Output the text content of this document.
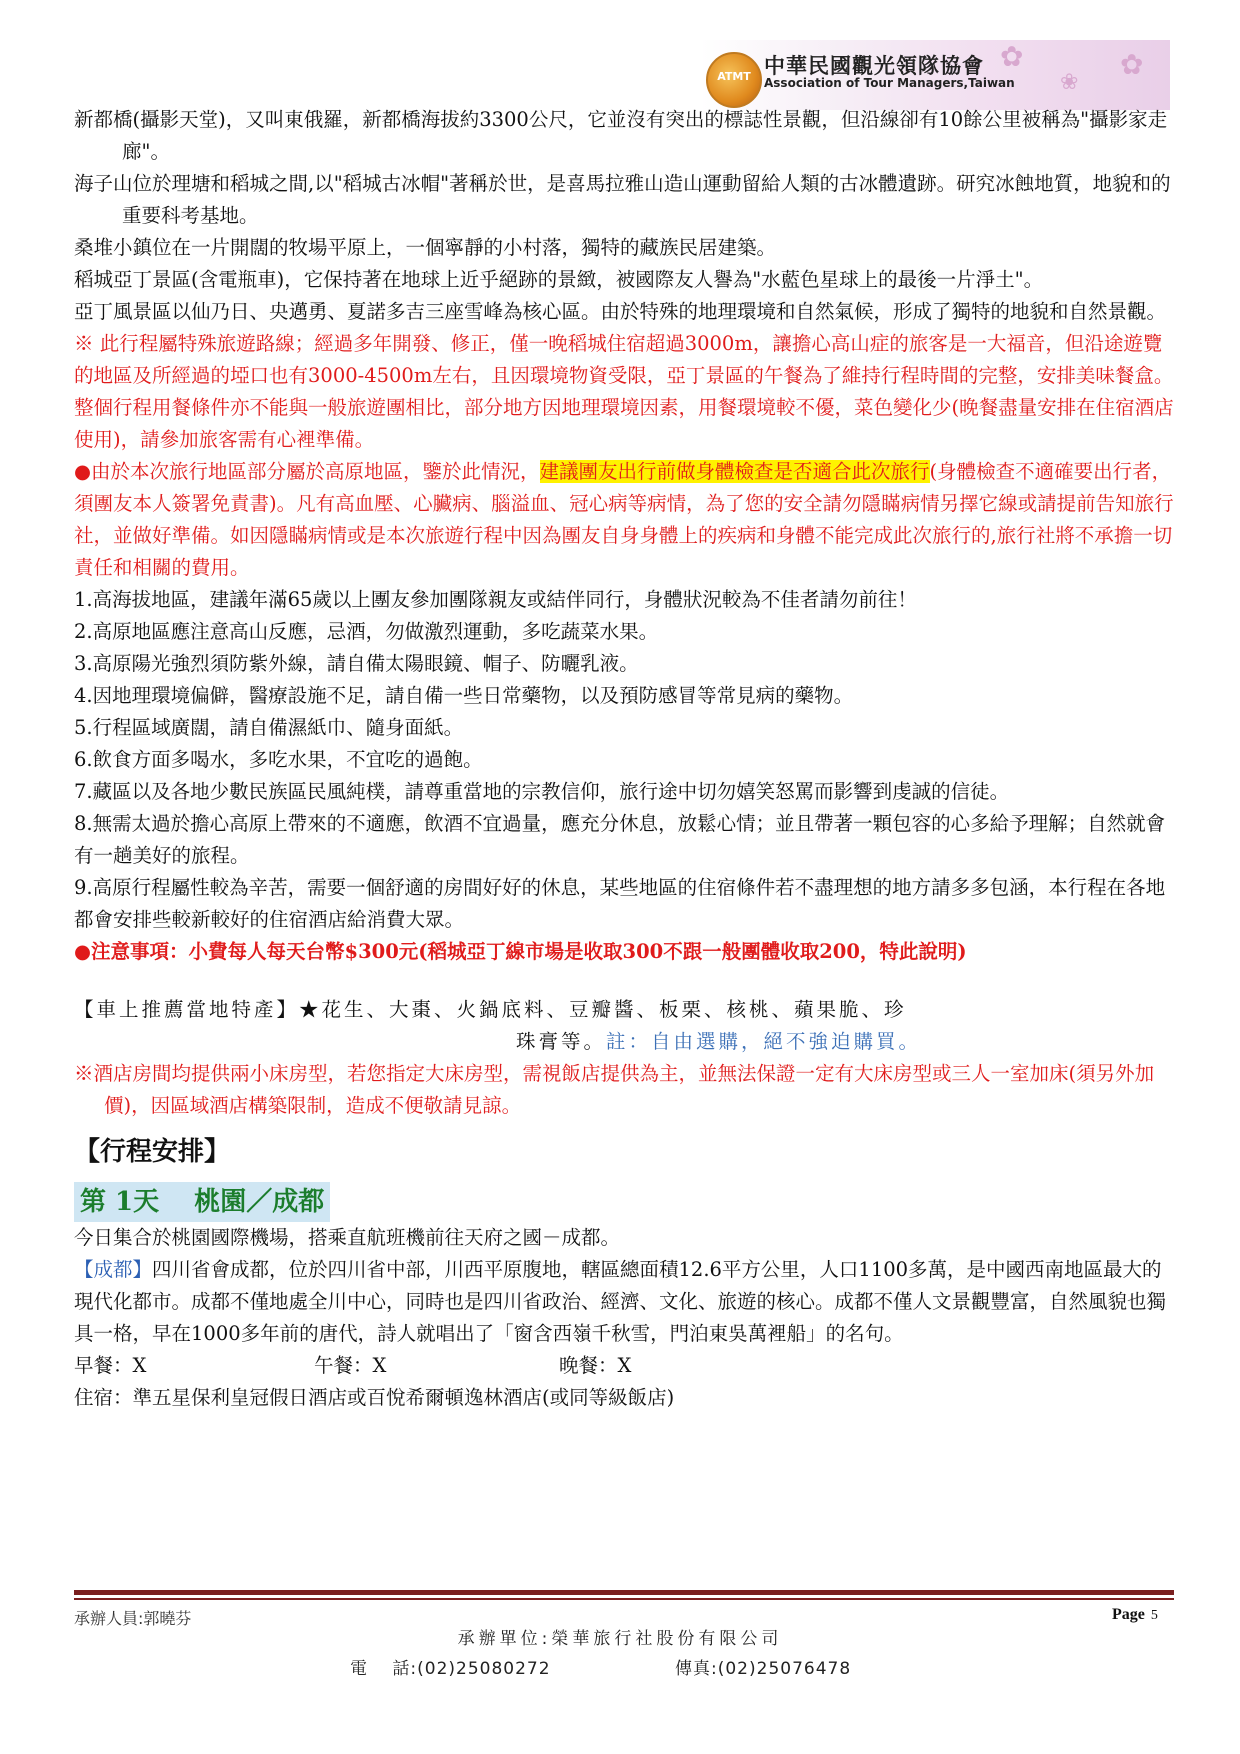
✿
❀
✿
ATMT 中華民國觀光領隊協會
Association of Tour Managers,Taiwan

新都橋(攝影天堂)，又叫東俄羅，新都橋海拔約3300公尺，它並沒有突出的標誌性景觀，但沿線卻有10餘公里被稱為"攝影家走廊"。

海子山位於理塘和稻城之間,以"稻城古冰帽"著稱於世，是喜馬拉雅山造山運動留給人類的古冰體遺跡。研究冰蝕地質，地貌和的重要科考基地。

桑堆小鎮位在一片開闊的牧場平原上，一個寧靜的小村落，獨特的藏族民居建築。

稻城亞丁景區(含電瓶車)，它保持著在地球上近乎絕跡的景緻，被國際友人譽為"水藍色星球上的最後一片淨土"。

亞丁風景區以仙乃日、央邁勇、夏諾多吉三座雪峰為核心區。由於特殊的地理環境和自然氣候，形成了獨特的地貌和自然景觀。

※ 此行程屬特殊旅遊路線；經過多年開發、修正，僅一晚稻城住宿超過3000m，讓擔心高山症的旅客是一大福音，但沿途遊覽的地區及所經過的埡口也有3000-4500m左右，且因環境物資受限，亞丁景區的午餐為了維持行程時間的完整，安排美味餐盒。整個行程用餐條件亦不能與一般旅遊團相比，部分地方因地理環境因素，用餐環境較不優，菜色變化少(晚餐盡量安排在住宿酒店使用)，請參加旅客需有心裡準備。

●由於本次旅行地區部分屬於高原地區，鑒於此情況，建議團友出行前做身體檢查是否適合此次旅行(身體檢查不適確要出行者，須團友本人簽署免責書)。凡有高血壓、心臟病、腦溢血、冠心病等病情，為了您的安全請勿隱瞞病情另擇它線或請提前告知旅行社，並做好準備。如因隱瞞病情或是本次旅遊行程中因為團友自身身體上的疾病和身體不能完成此次旅行的,旅行社將不承擔一切責任和相關的費用。

1.高海拔地區，建議年滿65歲以上團友參加團隊親友或結伴同行，身體狀況較為不佳者請勿前往！

2.高原地區應注意高山反應，忌酒，勿做激烈運動，多吃蔬菜水果。

3.高原陽光強烈須防紫外線，請自備太陽眼鏡、帽子、防曬乳液。

4.因地理環境偏僻，醫療設施不足，請自備一些日常藥物，以及預防感冒等常見病的藥物。

5.行程區域廣闊，請自備濕紙巾、隨身面紙。

6.飲食方面多喝水，多吃水果，不宜吃的過飽。

7.藏區以及各地少數民族區民風純樸，請尊重當地的宗教信仰，旅行途中切勿嬉笑怒罵而影響到虔誠的信徒。

8.無需太過於擔心高原上帶來的不適應，飲酒不宜過量，應充分休息，放鬆心情；並且帶著一顆包容的心多給予理解；自然就會有一趟美好的旅程。

9.高原行程屬性較為辛苦，需要一個舒適的房間好好的休息，某些地區的住宿條件若不盡理想的地方請多多包涵，本行程在各地都會安排些較新較好的住宿酒店給消費大眾。

●注意事項：小費每人每天台幣$300元(稻城亞丁線市場是收取300不跟一般團體收取200，特此說明)

【車上推薦當地特產】★花生、大棗、火鍋底料、豆瓣醬、板栗、核桃、蘋果脆、珍

珠膏等。註：自由選購，絕不強迫購買。

※酒店房間均提供兩小床房型，若您指定大床房型，需視飯店提供為主，並無法保證一定有大床房型或三人一室加床(須另外加價)，因區域酒店構築限制，造成不便敬請見諒。

【行程安排】

第 1天　 桃園／成都

今日集合於桃園國際機場，搭乘直航班機前往天府之國－成都。

【成都】四川省會成都，位於四川省中部，川西平原腹地，轄區總面積12.6平方公里，人口1100多萬，是中國西南地區最大的現代化都市。成都不僅地處全川中心，同時也是四川省政治、經濟、文化、旅遊的核心。成都不僅人文景觀豐富，自然風貌也獨具一格，早在1000多年前的唐代，詩人就唱出了「窗含西嶺千秋雪，門泊東吳萬裡船」的名句。

早餐：X	午餐：X	晚餐：X

住宿：準五星保利皇冠假日酒店或百悅希爾頓逸林酒店(或同等級飯店)

承辦人員:郭曉芬	Page 5
承辦單位:榮華旅行社股份有限公司
電　 話:(02)25080272	傳真:(02)25076478
